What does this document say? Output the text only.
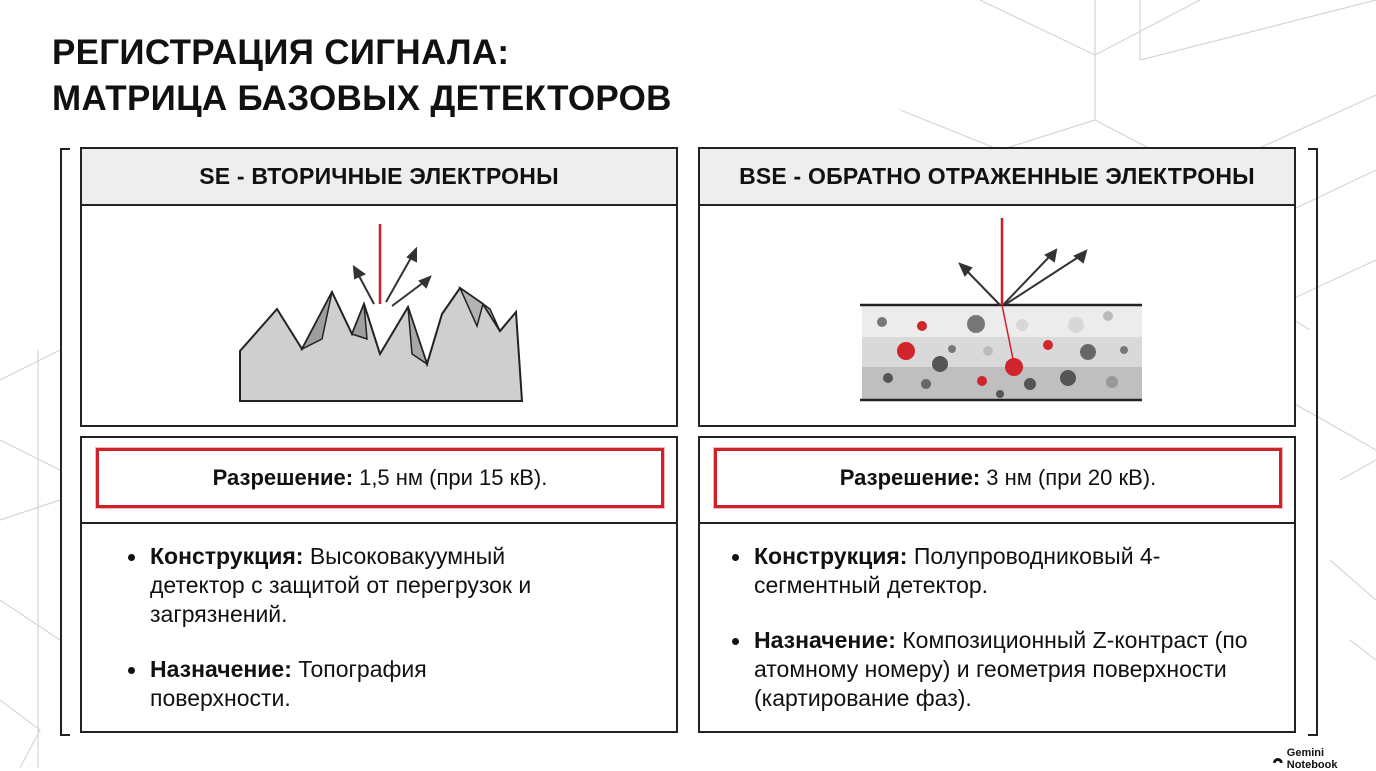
РЕГИСТРАЦИЯ СИГНАЛА:
МАТРИЦА БАЗОВЫХ ДЕТЕКТОРОВ
SE - ВТОРИЧНЫЕ ЭЛЕКТРОНЫ	BSE - ОБРАТНО ОТРАЖЕННЫЕ ЭЛЕКТРОНЫ
Разрешение: 1,5 нм (при 15 кВ).
Конструкция: Высоковакуумный детектор с защитой от перегрузок и загрязнений.
Назначение: Топография поверхности.
Разрешение: 3 нм (при 20 кВ).
Конструкция: Полупроводниковый 4-сегментный детектор.
Назначение: Композиционный Z-контраст (по атомному номеру) и геометрия поверхности (картирование фаз).
Gemini Notebook
